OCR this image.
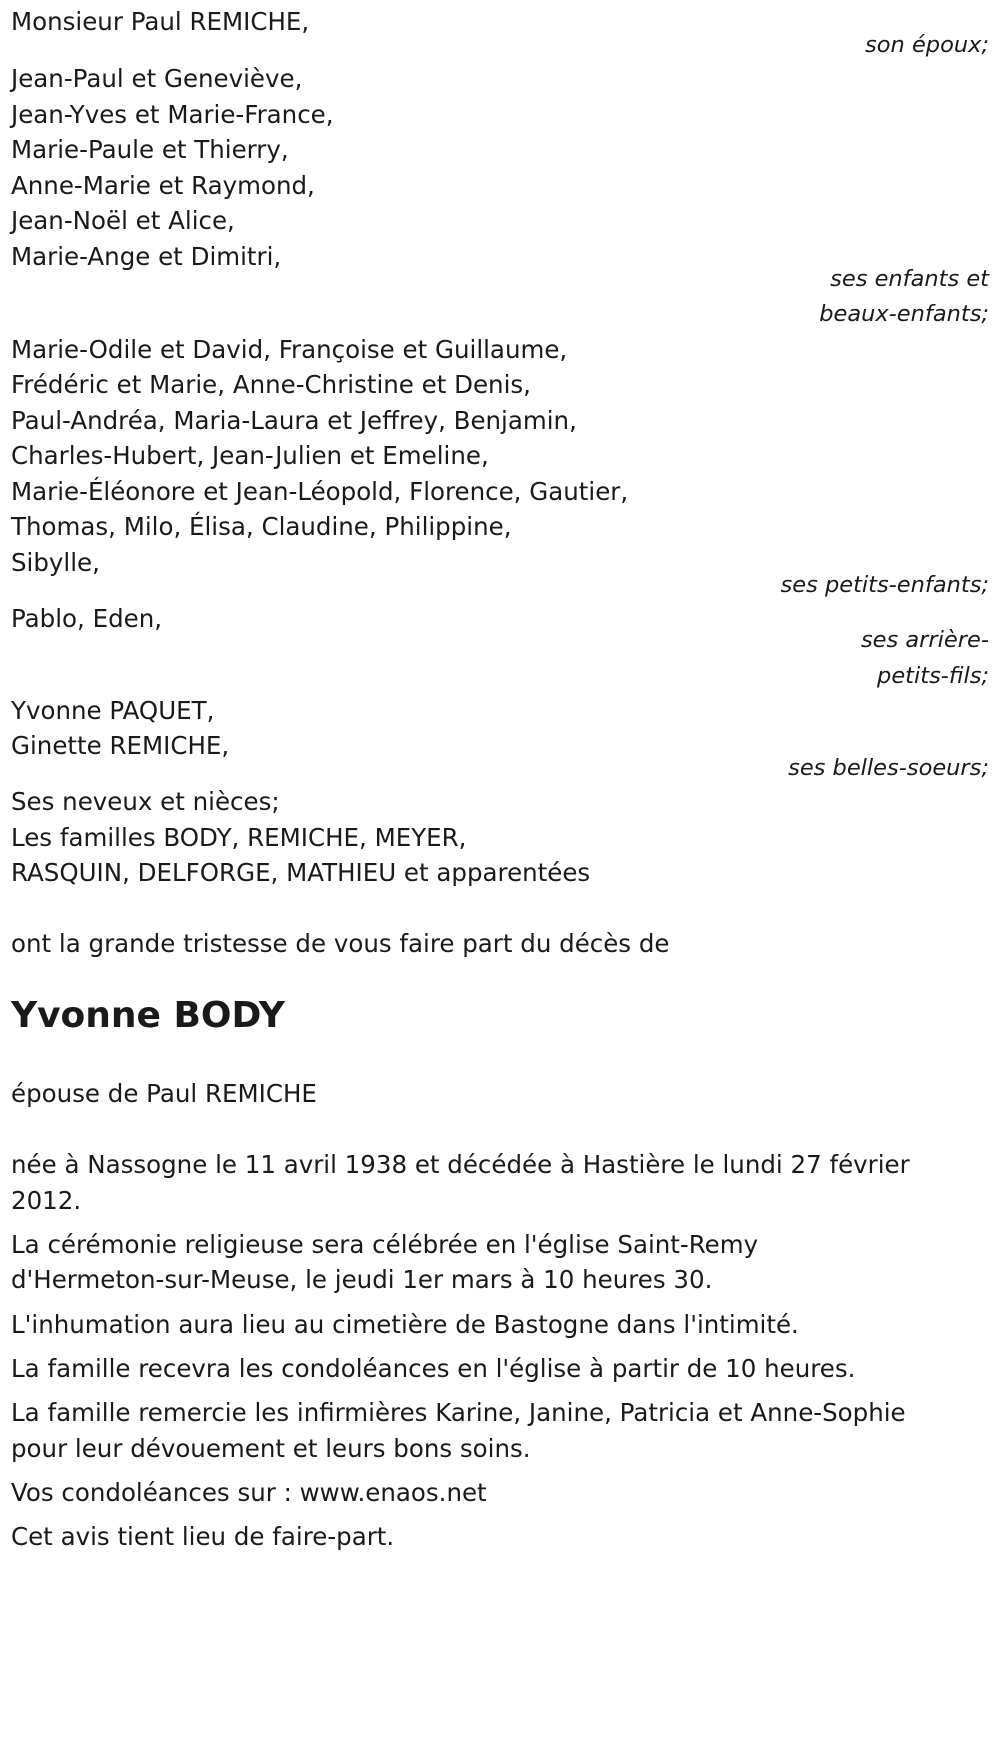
Monsieur Paul REMICHE,
son époux;
Jean-Paul et Geneviève,
Jean-Yves et Marie-France,
Marie-Paule et Thierry,
Anne-Marie et Raymond,
Jean-Noël et Alice,
Marie-Ange et Dimitri,
ses enfants et
beaux-enfants;
Marie-Odile et David, Françoise et Guillaume,
Frédéric et Marie, Anne-Christine et Denis,
Paul-Andréa, Maria-Laura et Jeffrey, Benjamin,
Charles-Hubert, Jean-Julien et Emeline,
Marie-Éléonore et Jean-Léopold, Florence, Gautier,
Thomas, Milo, Élisa, Claudine, Philippine,
Sibylle,
ses petits-enfants;
Pablo, Eden,
ses arrière-
petits-fils;
Yvonne PAQUET,
Ginette REMICHE,
ses belles-soeurs;
Ses neveux et nièces;
Les familles BODY, REMICHE, MEYER,
RASQUIN, DELFORGE, MATHIEU et apparentées
ont la grande tristesse de vous faire part du décès de
Yvonne BODY
épouse de Paul REMICHE
née à Nassogne le 11 avril 1938 et décédée à Hastière le lundi 27 février
2012.
La cérémonie religieuse sera célébrée en l'église Saint-Remy
d'Hermeton-sur-Meuse, le jeudi 1er mars à 10 heures 30.
L'inhumation aura lieu au cimetière de Bastogne dans l'intimité.
La famille recevra les condoléances en l'église à partir de 10 heures.
La famille remercie les infirmières Karine, Janine, Patricia et Anne-Sophie
pour leur dévouement et leurs bons soins.
Vos condoléances sur : www.enaos.net
Cet avis tient lieu de faire-part.
